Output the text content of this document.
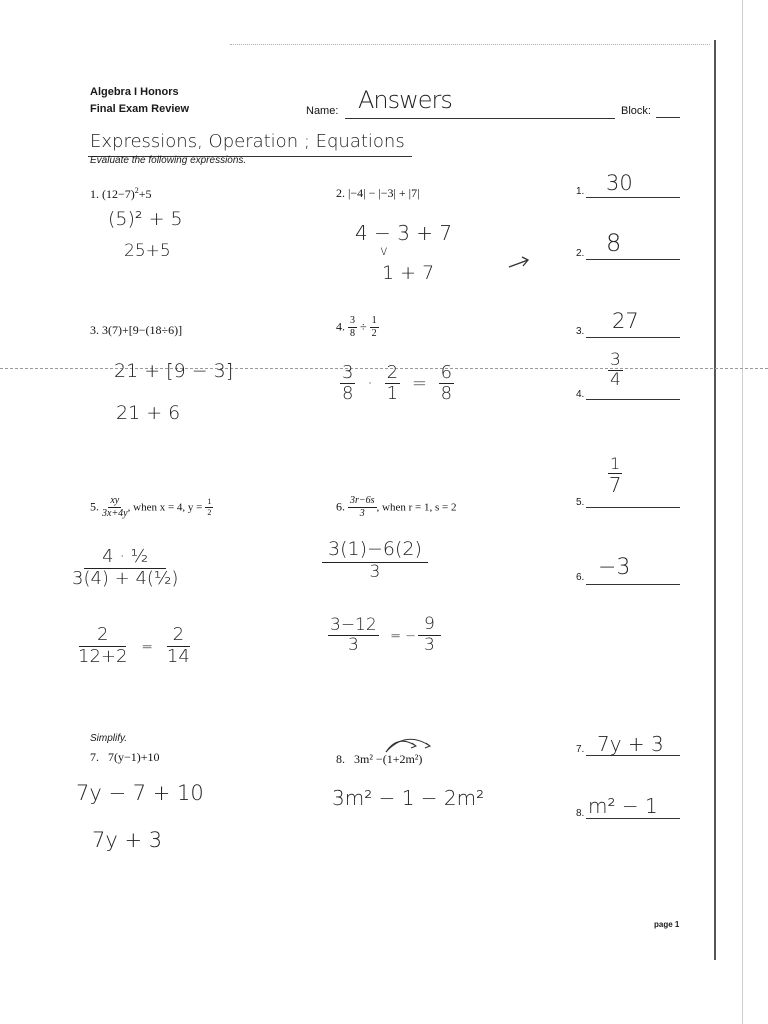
Algebra I Honors
Final Exam Review	Name: Answers	Block:
Expressions, Operation ; Equations
Evaluate the following expressions.
1. $(12-7)^2+5$
(5)² + 5
25+5
2. |−4| − |−3| + |7|
4 − 3 + 7
v
1 + 7
3. 3(7)+[9−(18÷6)]
21 + [9 − 3]
21 + 6
4. $\frac{3}{8} \div \frac{1}{2}$
$\frac{3}{8} \cdot \frac{2}{1} = \frac{6}{8}$
5. $\frac{xy}{3x+4y}$ , when x = 4, $y = \frac{1}{2}$
$\frac{\text{4 · ½}}{\text{3(4) + 4(½)}}$
$\frac{2}{12+2} = \frac{2}{14}$
6. $\frac{3r-6s}{3}$ , when r = 1, s = 2
$\frac{3(1)-6(2)}{3}$
$\frac{3-12}{3}$ = − $\frac{9}{3}$
Simplify.
7. 7(y−1)+10
7y − 7 + 10
7y + 3
8. 3m² −(1+2m²)
3m² − 1 − 2m²
1. 30
2. 8
3. 27
4.
$\frac{3}{4}$
5.
$\frac{1}{7}$
6. −3
7. 7y + 3
8. m² − 1
page 1
